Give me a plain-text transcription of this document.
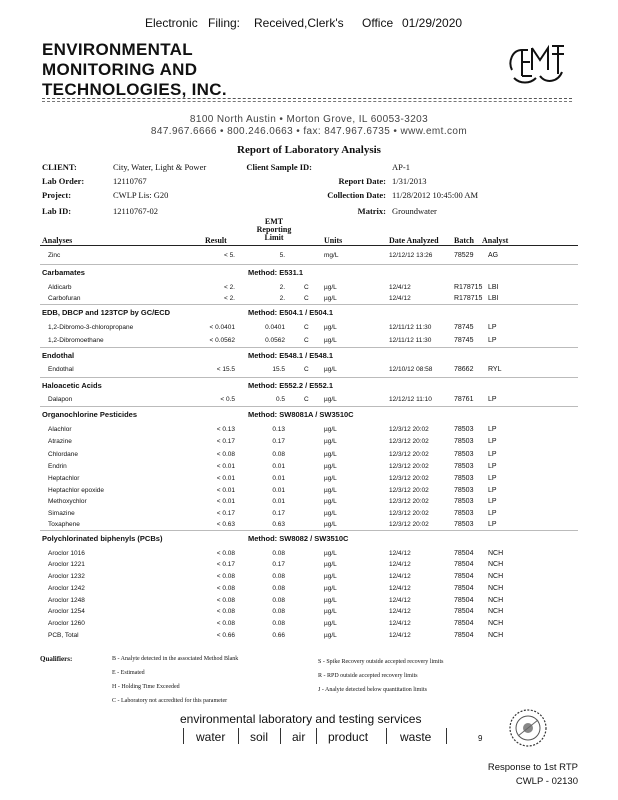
Electronic Filing: Received,Clerk's Office 01/29/2020
ENVIRONMENTAL
MONITORING AND
TECHNOLOGIES, INC.
8100 North Austin • Morton Grove, IL 60053-3203
847.967.6666 • 800.246.0663 • fax: 847.967.6735 • www.emt.com
Report of Laboratory Analysis
CLIENT:	City, Water, Light & Power
Lab Order:	12110767
Project:	CWLP Lis: G20
Lab ID:	12110767-02
Client Sample ID:	AP-1
Report Date: 1/31/2013
Collection Date: 11/28/2012 10:45:00 AM
Matrix: Groundwater
Analyses	Result
EMT
Reporting
Limit	Units	Date Analyzed Batch Analyst
Zinc	< 5.	5.	mg/L	12/12/12 13:26	78529 AG
Carbamates	Method: E531.1
Aldicarb	< 2.	2.	C µg/L	12/4/12	R178715 LBI
Carbofuran	< 2.	2.	C µg/L	12/4/12	R178715 LBI
EDB, DBCP and 123TCP by GC/ECD	Method: E504.1 / E504.1
1,2-Dibromo-3-chloropropane	< 0.0401	0.0401	C µg/L	12/11/12 11:30	78745 LP
1,2-Dibromoethane	< 0.0562	0.0562	C µg/L	12/11/12 11:30	78745 LP
Endothal	Method: E548.1 / E548.1
Endothal	< 15.5	15.5	C µg/L	12/10/12 08:58	78662 RYL
Haloacetic Acids	Method: E552.2 / E552.1
Dalapon	< 0.5	0.5	C µg/L	12/12/12 11:10	78761 LP
Organochlorine Pesticides	Method: SW8081A / SW3510C
Alachlor	< 0.13	0.13	µg/L	12/3/12 20:02	78503 LP
Atrazine	< 0.17	0.17	µg/L	12/3/12 20:02	78503 LP
Chlordane	< 0.08	0.08	µg/L	12/3/12 20:02	78503 LP
Endrin	< 0.01	0.01	µg/L	12/3/12 20:02	78503 LP
Heptachlor	< 0.01	0.01	µg/L	12/3/12 20:02	78503 LP
Heptachlor epoxide	< 0.01	0.01	µg/L	12/3/12 20:02	78503 LP
Methoxychlor	< 0.01	0.01	µg/L	12/3/12 20:02	78503 LP
Simazine	< 0.17	0.17	µg/L	12/3/12 20:02	78503 LP
Toxaphene	< 0.63	0.63	µg/L	12/3/12 20:02	78503 LP
Polychlorinated biphenyls (PCBs)	Method: SW8082 / SW3510C
Aroclor 1016	< 0.08	0.08	µg/L	12/4/12	78504 NCH
Aroclor 1221	< 0.17	0.17	µg/L	12/4/12	78504 NCH
Aroclor 1232	< 0.08	0.08	µg/L	12/4/12	78504 NCH
Aroclor 1242	< 0.08	0.08	µg/L	12/4/12	78504 NCH
Aroclor 1248	< 0.08	0.08	µg/L	12/4/12	78504 NCH
Aroclor 1254	< 0.08	0.08	µg/L	12/4/12	78504 NCH
Aroclor 1260	< 0.08	0.08	µg/L	12/4/12	78504 NCH
PCB, Total	< 0.66	0.66	µg/L	12/4/12	78504 NCH
Qualifiers:	B - Analyte detected in the associated Method Blank
E - Estimated
H - Holding Time Exceeded
C - Laboratory not accredited for this parameter
S - Spike Recovery outside accepted recovery limits
R - RPD outside accepted recovery limits
J - Analyte detected below quantitation limits
environmental laboratory and testing services
water soil air product	waste	9
Response to 1st RTP
CWLP - 02130
